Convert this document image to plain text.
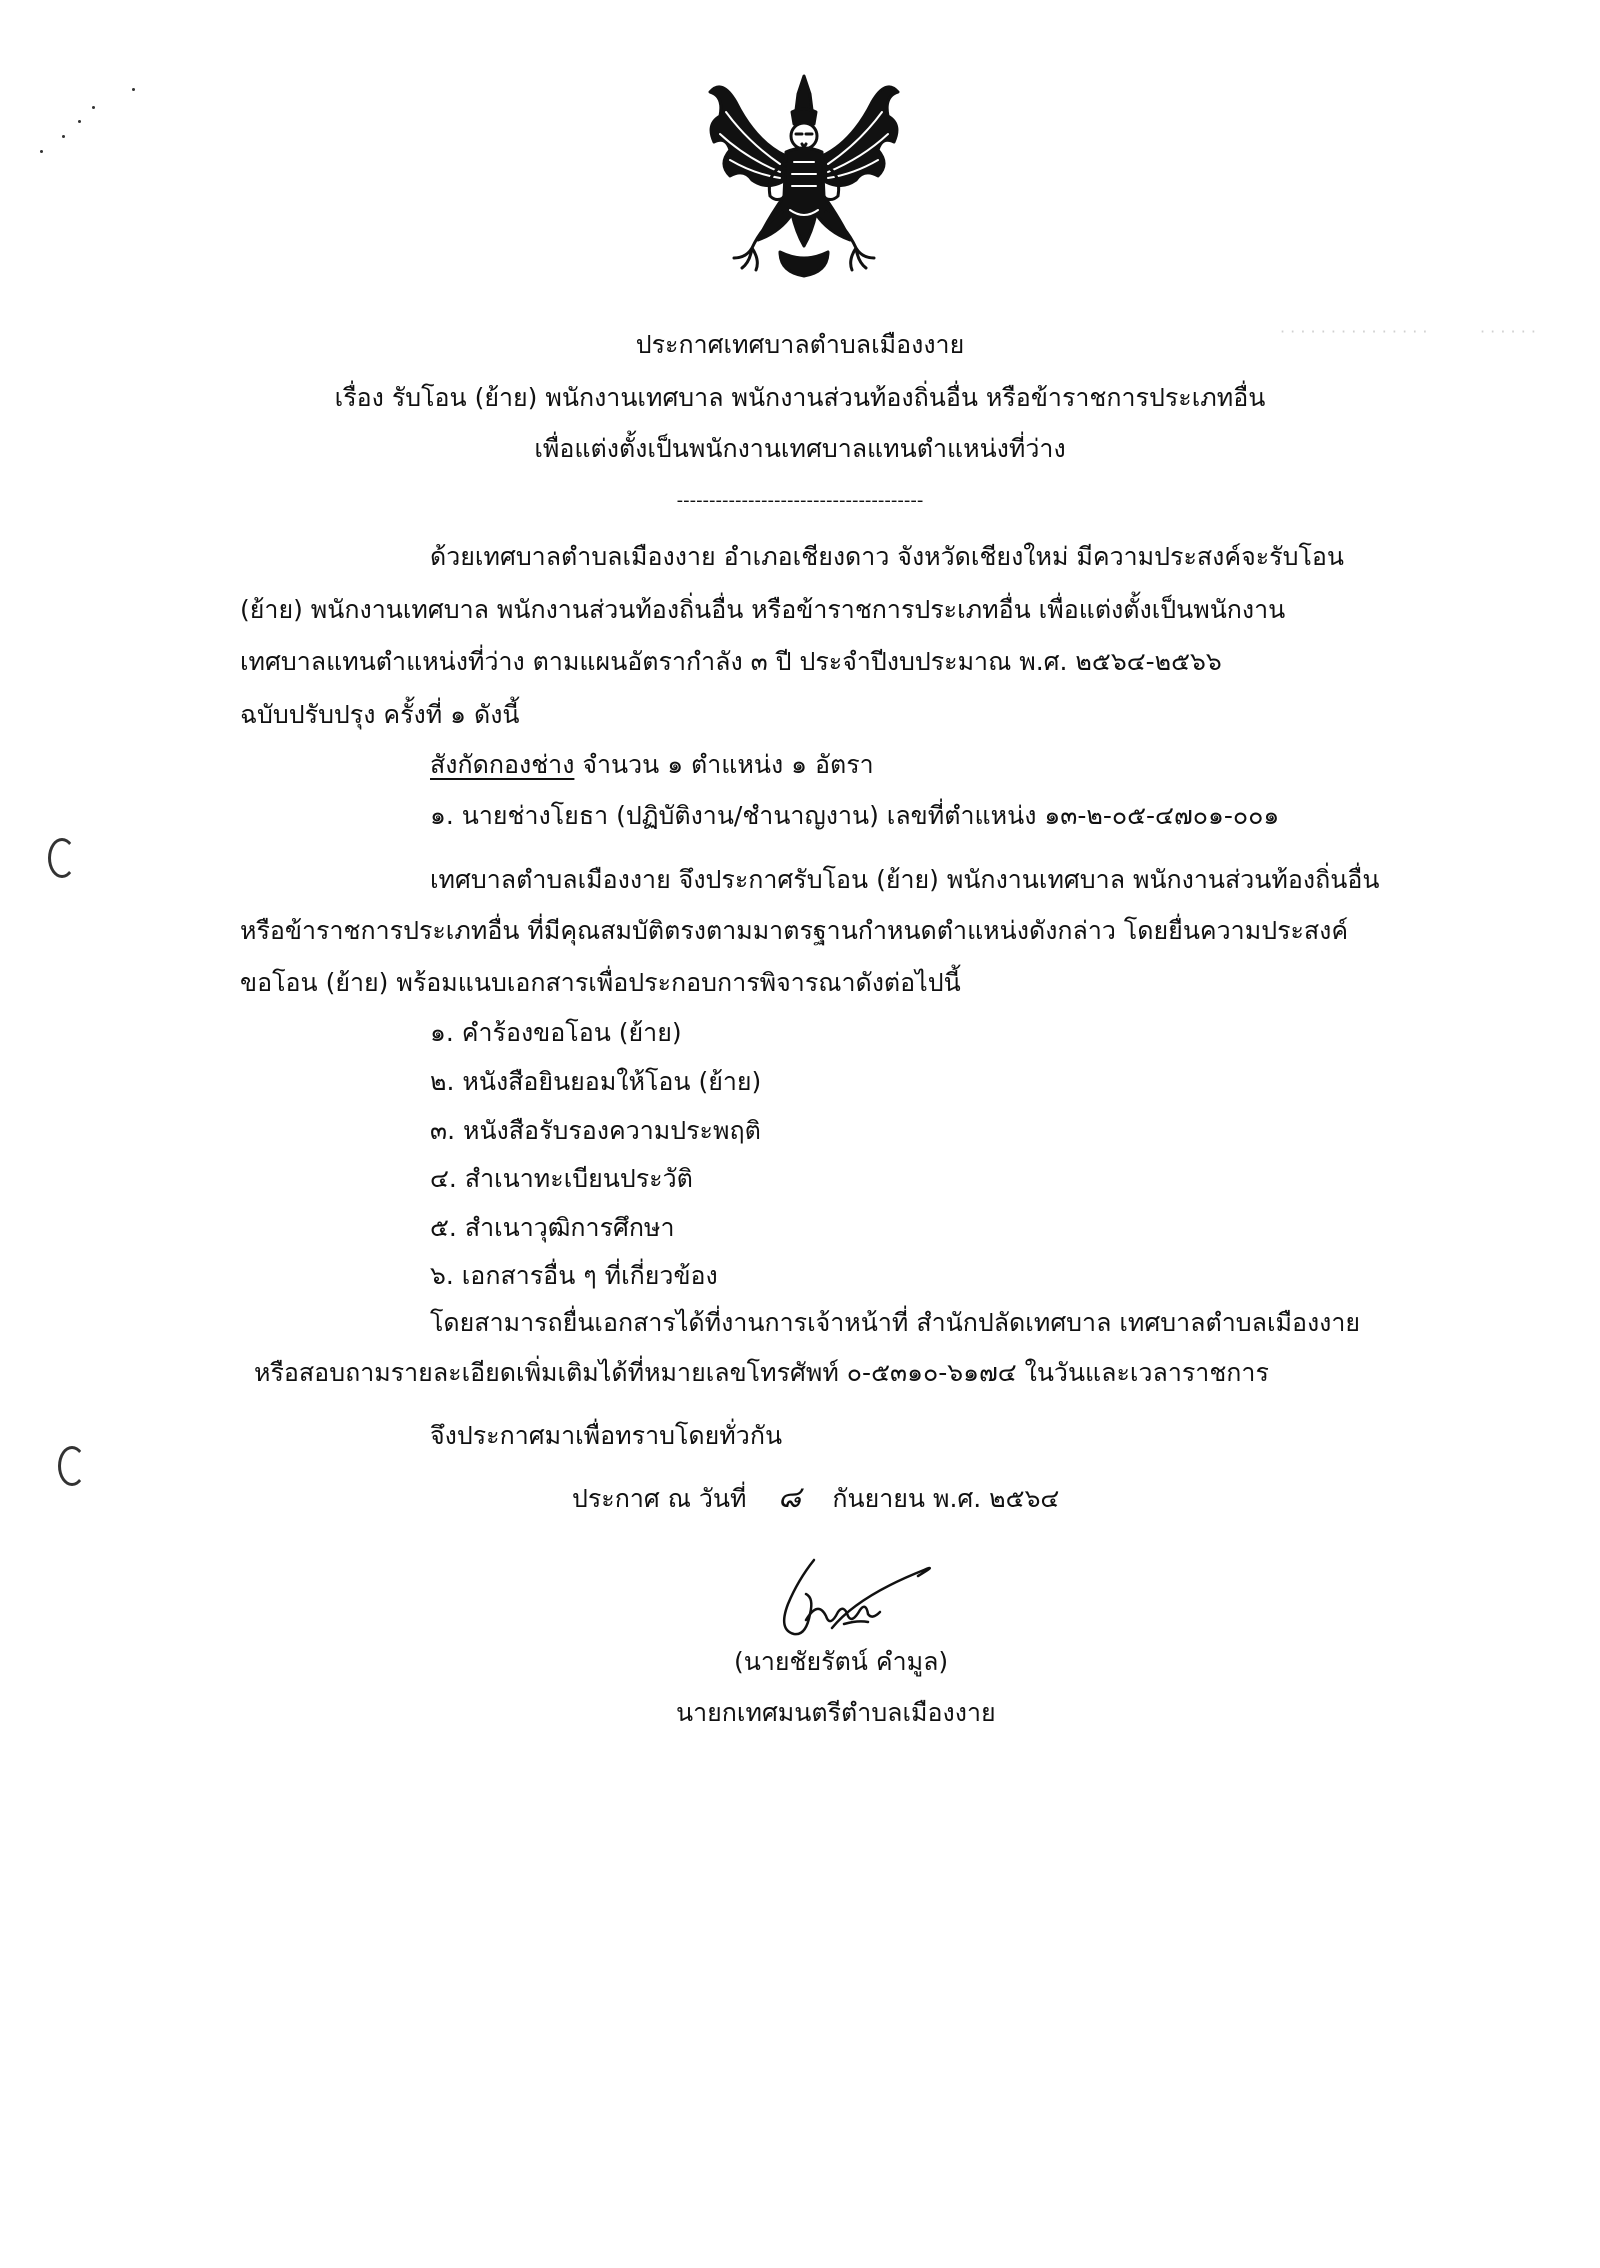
· · · · · · · · · · · · · · ·	· · · · · ·
ประกาศเทศบาลตำบลเมืองงาย
เรื่อง รับโอน (ย้าย) พนักงานเทศบาล พนักงานส่วนท้องถิ่นอื่น หรือข้าราชการประเภทอื่น
เพื่อแต่งตั้งเป็นพนักงานเทศบาลแทนตำแหน่งที่ว่าง
--------------------------------------
ด้วยเทศบาลตำบลเมืองงาย อำเภอเชียงดาว จังหวัดเชียงใหม่ มีความประสงค์จะรับโอน
(ย้าย) พนักงานเทศบาล พนักงานส่วนท้องถิ่นอื่น หรือข้าราชการประเภทอื่น เพื่อแต่งตั้งเป็นพนักงาน
เทศบาลแทนตำแหน่งที่ว่าง ตามแผนอัตรากำลัง ๓ ปี ประจำปีงบประมาณ พ.ศ. ๒๕๖๔-๒๕๖๖
ฉบับปรับปรุง ครั้งที่ ๑ ดังนี้
สังกัดกองช่าง จำนวน ๑ ตำแหน่ง ๑ อัตรา
๑. นายช่างโยธา (ปฏิบัติงาน/ชำนาญงาน) เลขที่ตำแหน่ง ๑๓-๒-๐๕-๔๗๐๑-๐๐๑
เทศบาลตำบลเมืองงาย จึงประกาศรับโอน (ย้าย) พนักงานเทศบาล พนักงานส่วนท้องถิ่นอื่น
หรือข้าราชการประเภทอื่น ที่มีคุณสมบัติตรงตามมาตรฐานกำหนดตำแหน่งดังกล่าว โดยยื่นความประสงค์
ขอโอน (ย้าย) พร้อมแนบเอกสารเพื่อประกอบการพิจารณาดังต่อไปนี้
๑. คำร้องขอโอน (ย้าย)
๒. หนังสือยินยอมให้โอน (ย้าย)
๓. หนังสือรับรองความประพฤติ
๔. สำเนาทะเบียนประวัติ
๕. สำเนาวุฒิการศึกษา
๖. เอกสารอื่น ๆ ที่เกี่ยวข้อง
โดยสามารถยื่นเอกสารได้ที่งานการเจ้าหน้าที่ สำนักปลัดเทศบาล เทศบาลตำบลเมืองงาย
หรือสอบถามรายละเอียดเพิ่มเติมได้ที่หมายเลขโทรศัพท์ ๐-๕๓๑๐-๖๑๗๔ ในวันและเวลาราชการ
จึงประกาศมาเพื่อทราบโดยทั่วกัน
ประกาศ ณ วันที่ ๘ กันยายน พ.ศ. ๒๕๖๔
(นายชัยรัตน์ คำมูล)
นายกเทศมนตรีตำบลเมืองงาย
